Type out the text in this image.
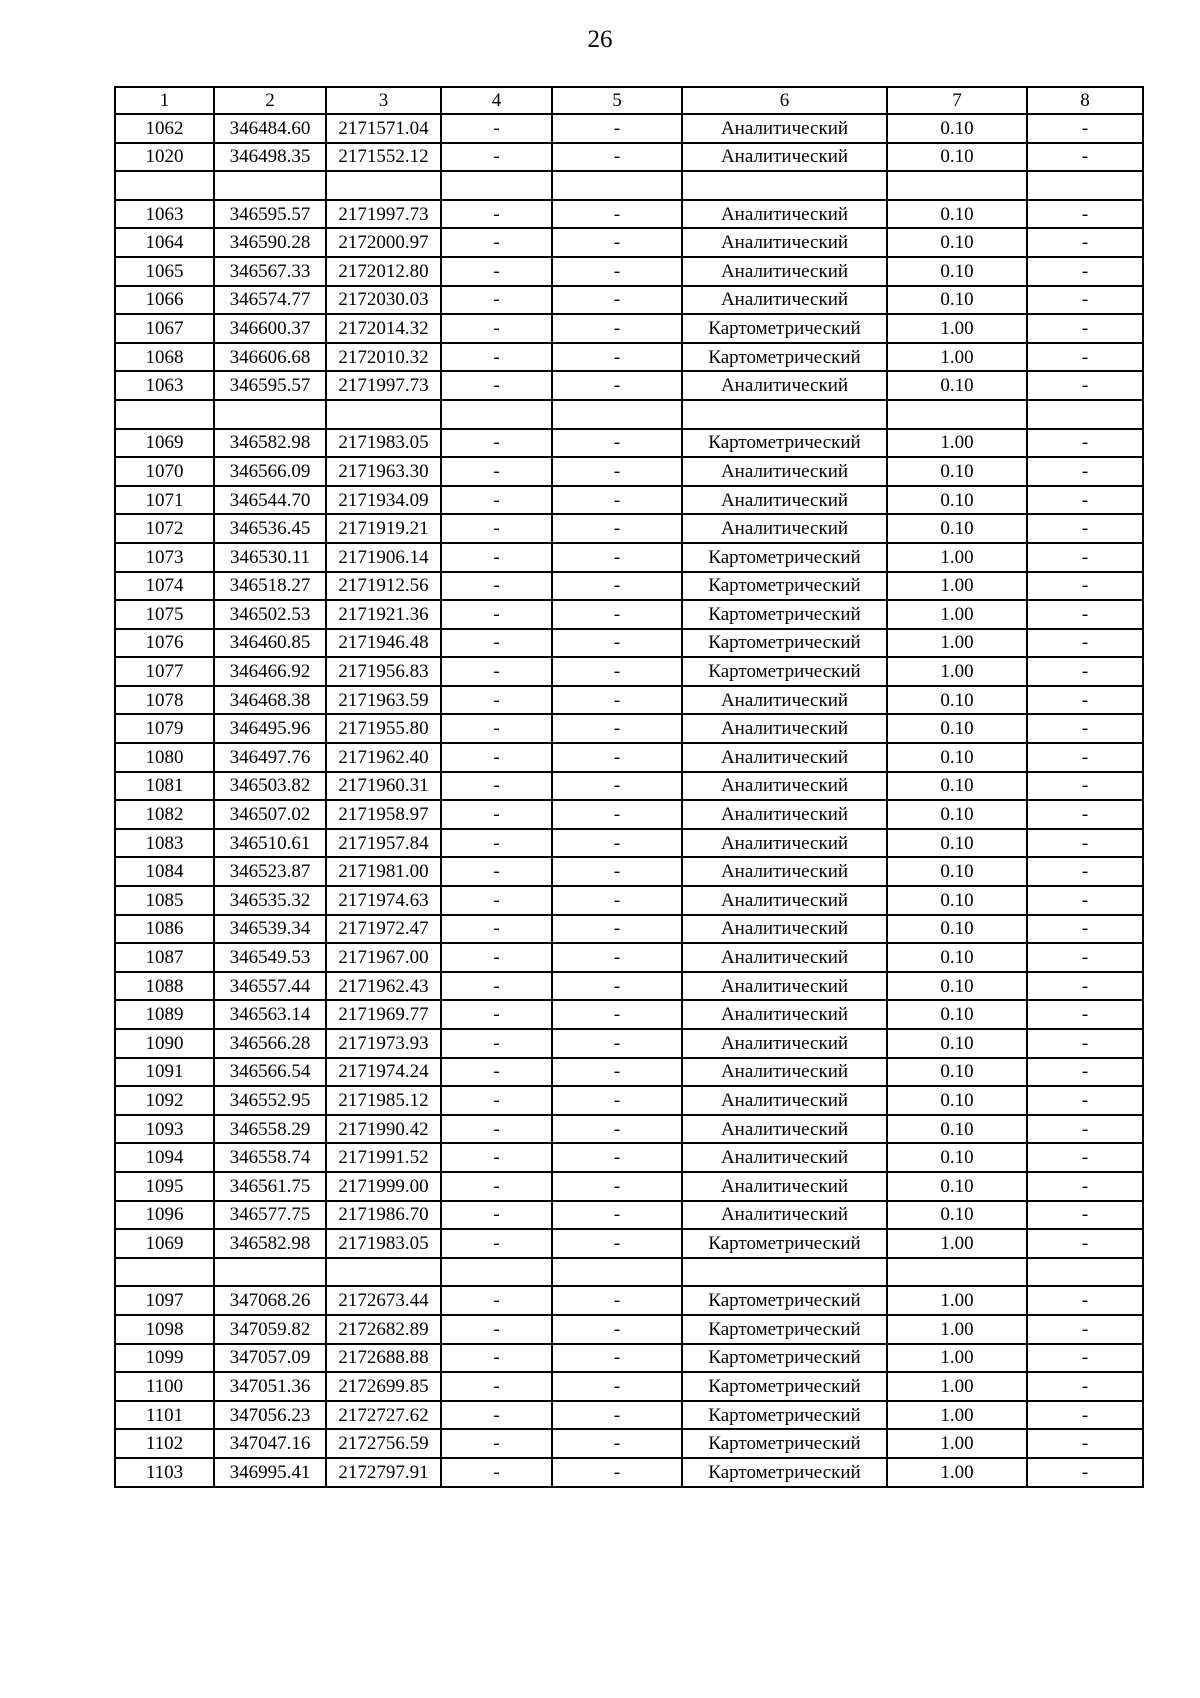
26
1	2	3	4	5	6	7	8
1062	346484.60	2171571.04	-	-	Аналитический	0.10	-
1020	346498.35	2171552.12	-	-	Аналитический	0.10	-

1063	346595.57	2171997.73	-	-	Аналитический	0.10	-
1064	346590.28	2172000.97	-	-	Аналитический	0.10	-
1065	346567.33	2172012.80	-	-	Аналитический	0.10	-
1066	346574.77	2172030.03	-	-	Аналитический	0.10	-
1067	346600.37	2172014.32	-	-	Картометрический	1.00	-
1068	346606.68	2172010.32	-	-	Картометрический	1.00	-
1063	346595.57	2171997.73	-	-	Аналитический	0.10	-

1069	346582.98	2171983.05	-	-	Картометрический	1.00	-
1070	346566.09	2171963.30	-	-	Аналитический	0.10	-
1071	346544.70	2171934.09	-	-	Аналитический	0.10	-
1072	346536.45	2171919.21	-	-	Аналитический	0.10	-
1073	346530.11	2171906.14	-	-	Картометрический	1.00	-
1074	346518.27	2171912.56	-	-	Картометрический	1.00	-
1075	346502.53	2171921.36	-	-	Картометрический	1.00	-
1076	346460.85	2171946.48	-	-	Картометрический	1.00	-
1077	346466.92	2171956.83	-	-	Картометрический	1.00	-
1078	346468.38	2171963.59	-	-	Аналитический	0.10	-
1079	346495.96	2171955.80	-	-	Аналитический	0.10	-
1080	346497.76	2171962.40	-	-	Аналитический	0.10	-
1081	346503.82	2171960.31	-	-	Аналитический	0.10	-
1082	346507.02	2171958.97	-	-	Аналитический	0.10	-
1083	346510.61	2171957.84	-	-	Аналитический	0.10	-
1084	346523.87	2171981.00	-	-	Аналитический	0.10	-
1085	346535.32	2171974.63	-	-	Аналитический	0.10	-
1086	346539.34	2171972.47	-	-	Аналитический	0.10	-
1087	346549.53	2171967.00	-	-	Аналитический	0.10	-
1088	346557.44	2171962.43	-	-	Аналитический	0.10	-
1089	346563.14	2171969.77	-	-	Аналитический	0.10	-
1090	346566.28	2171973.93	-	-	Аналитический	0.10	-
1091	346566.54	2171974.24	-	-	Аналитический	0.10	-
1092	346552.95	2171985.12	-	-	Аналитический	0.10	-
1093	346558.29	2171990.42	-	-	Аналитический	0.10	-
1094	346558.74	2171991.52	-	-	Аналитический	0.10	-
1095	346561.75	2171999.00	-	-	Аналитический	0.10	-
1096	346577.75	2171986.70	-	-	Аналитический	0.10	-
1069	346582.98	2171983.05	-	-	Картометрический	1.00	-

1097	347068.26	2172673.44	-	-	Картометрический	1.00	-
1098	347059.82	2172682.89	-	-	Картометрический	1.00	-
1099	347057.09	2172688.88	-	-	Картометрический	1.00	-
1100	347051.36	2172699.85	-	-	Картометрический	1.00	-
1101	347056.23	2172727.62	-	-	Картометрический	1.00	-
1102	347047.16	2172756.59	-	-	Картометрический	1.00	-
1103	346995.41	2172797.91	-	-	Картометрический	1.00	-
